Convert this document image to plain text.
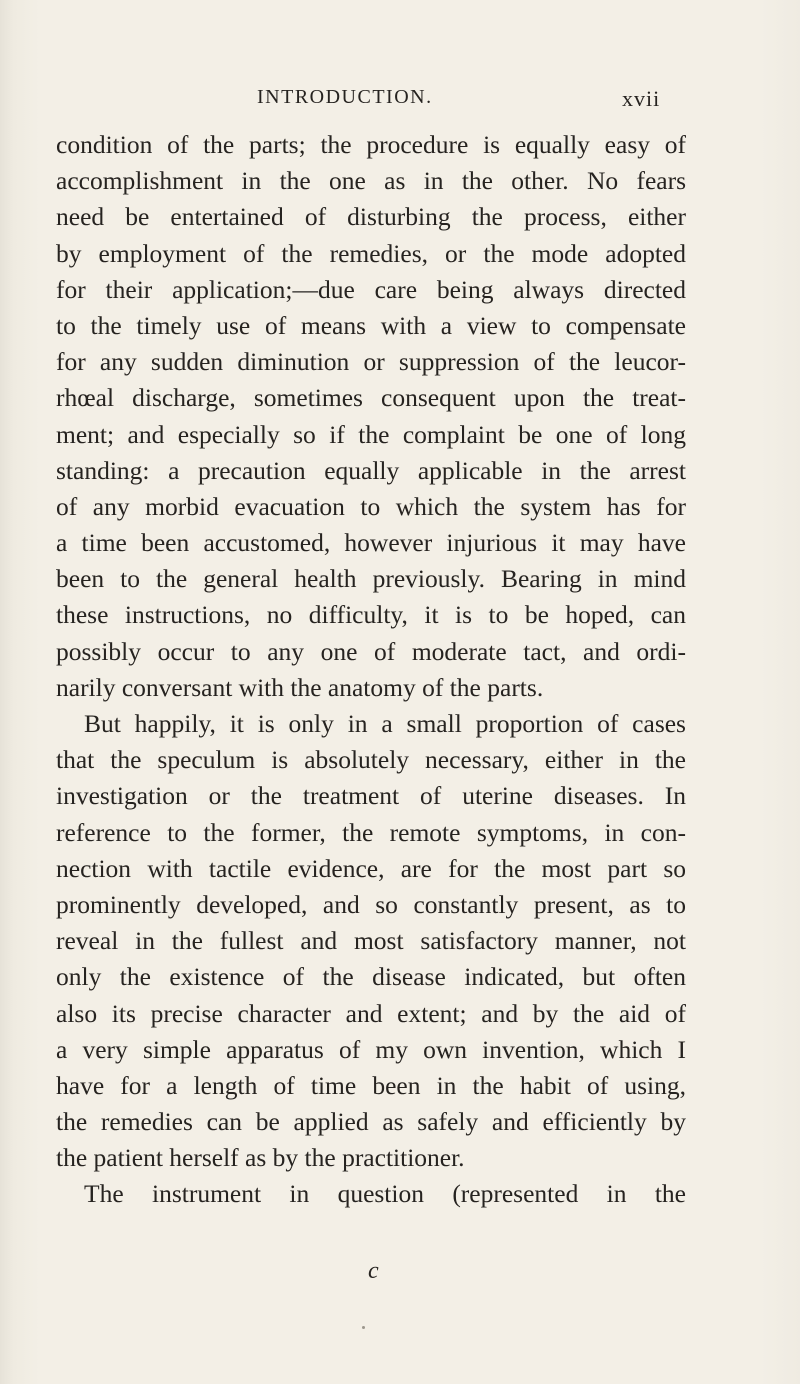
INTRODUCTION.	xvii
condition of the parts; the procedure is equally easy of
accomplishment in the one as in the other. No fears
need be entertained of disturbing the process, either
by employment of the remedies, or the mode adopted
for their application;—due care being always directed
to the timely use of means with a view to compensate
for any sudden diminution or suppression of the leucor-
rhœal discharge, sometimes consequent upon the treat-
ment; and especially so if the complaint be one of long
standing: a precaution equally applicable in the arrest
of any morbid evacuation to which the system has for
a time been accustomed, however injurious it may have
been to the general health previously. Bearing in mind
these instructions, no difficulty, it is to be hoped, can
possibly occur to any one of moderate tact, and ordi-
narily conversant with the anatomy of the parts.
But happily, it is only in a small proportion of cases
that the speculum is absolutely necessary, either in the
investigation or the treatment of uterine diseases. In
reference to the former, the remote symptoms, in con-
nection with tactile evidence, are for the most part so
prominently developed, and so constantly present, as to
reveal in the fullest and most satisfactory manner, not
only the existence of the disease indicated, but often
also its precise character and extent; and by the aid of
a very simple apparatus of my own invention, which I
have for a length of time been in the habit of using,
the remedies can be applied as safely and efficiently by
the patient herself as by the practitioner.
The instrument in question (represented in the
c
